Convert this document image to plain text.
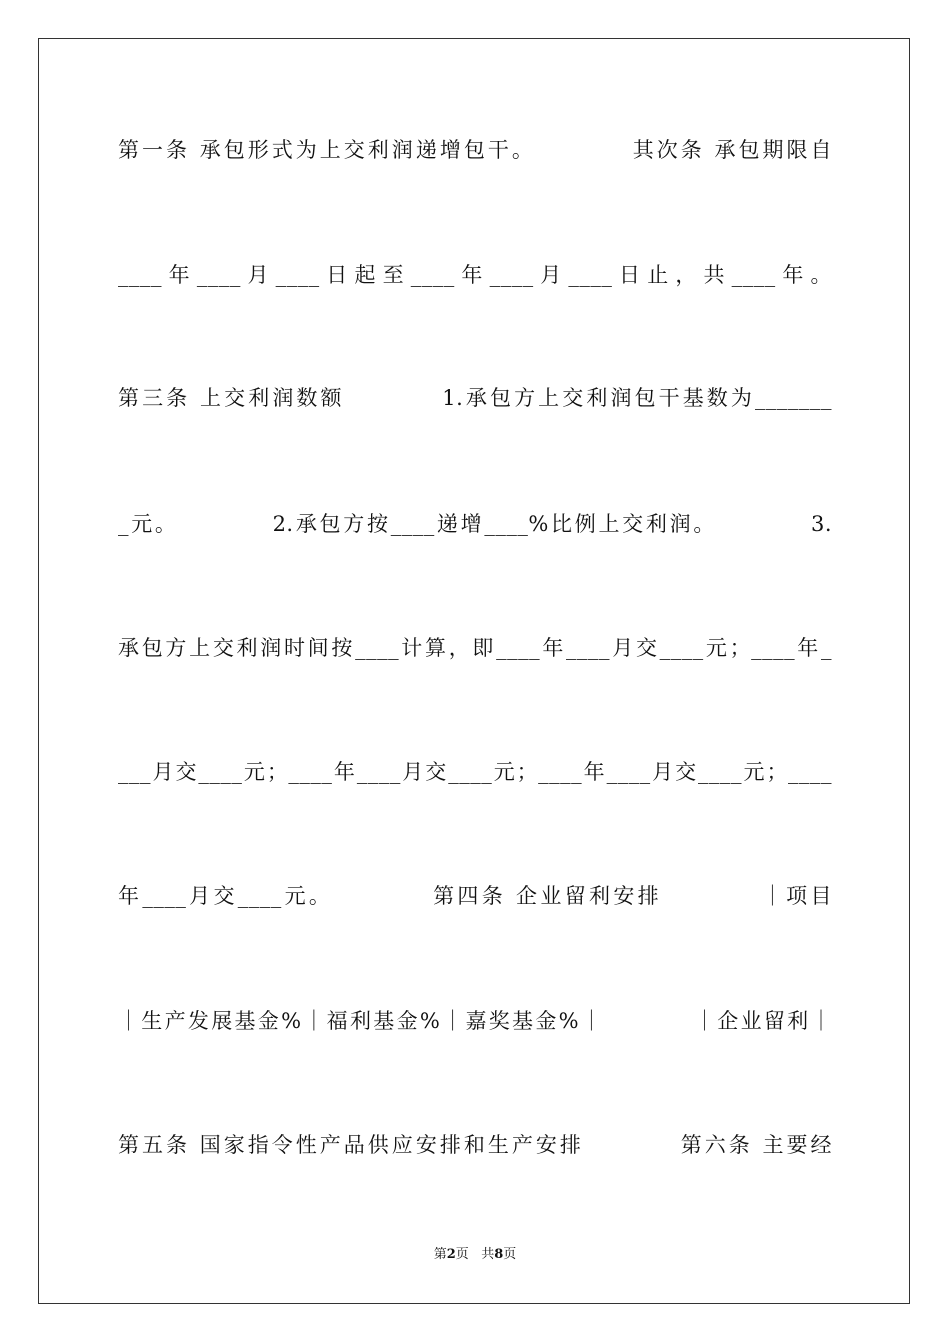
第一条 承包形式为上交利润递增包干。          其次条 承包期限自
____年____月____日起至____年____月____日止，共____年。
第三条 上交利润数额          1.承包方上交利润包干基数为_______
_元。          2.承包方按____递增____%比例上交利润。          3.
承包方上交利润时间按____计算，即____年____月交____元；____年_
___月交____元；____年____月交____元；____年____月交____元；____
年____月交____元。          第四条 企业留利安排          ｜项目
｜生产发展基金%｜福利基金%｜嘉奖基金%｜          ｜企业留利｜
第五条 国家指令性产品供应安排和生产安排          第六条 主要经
第2页   共8页
